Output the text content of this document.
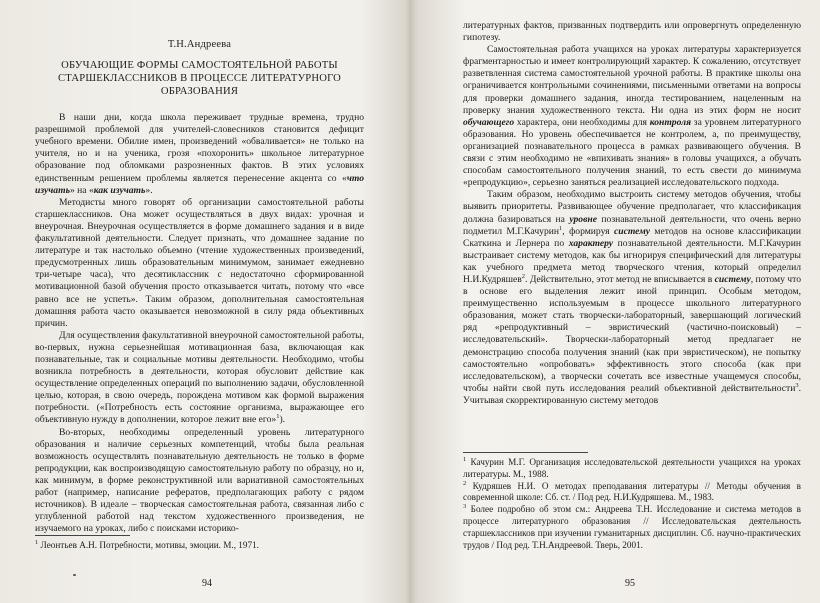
Т.Н.Андреева
ОБУЧАЮЩИЕ ФОРМЫ САМОСТОЯТЕЛЬНОЙ РАБОТЫ СТАРШЕКЛАССНИКОВ В ПРОЦЕССЕ ЛИТЕРАТУРНОГО ОБРАЗОВАНИЯ

В наши дни, когда школа переживает трудные времена, трудно разрешимой проблемой для учителей-словесников становится дефицит учебного времени. Обилие имен, произведений «обваливается» не только на учителя, но и на ученика, грозя «похоронить» школьное литературное образование под обломками разрозненных фактов. В этих условиях единственным решением проблемы является перенесение акцента со «что изучать» на «как изучать».

Методисты много говорят об организации самостоятельной работы старшеклассников. Она может осуществляться в двух видах: урочная и внеурочная. Внеурочная осуществляется в форме домашнего задания и в виде факультативной деятельности. Следует признать, что домашнее задание по литературе и так настолько объемно (чтение художественных произведений, предусмотренных лишь образовательным минимумом, занимает ежедневно три-четыре часа), что десятиклассник с недостаточно сформированной мотивационной базой обучения просто отказывается читать, потому что «все равно все не успеть». Таким образом, дополнительная самостоятельная домашняя работа часто оказывается невозможной в силу ряда объективных причин.

Для осуществления факультативной внеурочной самостоятельной работы, во-первых, нужна серьезнейшая мотивационная база, включающая как познавательные, так и социальные мотивы деятельности. Необходимо, чтобы возникла потребность в деятельности, которая обусловит действие как осуществление определенных операций по выполнению задачи, обусловленной целью, которая, в свою очередь, порождена мотивом как формой выражения потребности. («Потребность есть состояние организма, выражающее его объективную нужду в дополнении, которое лежит вне его»$^1$).

Во-вторых, необходимы определенный уровень литературного образования и наличие серьезных компетенций, чтобы была реальная возможность осуществлять познавательную деятельность не только в форме репродукции, как воспроизводящую самостоятельную работу по образцу, но и, как минимум, в форме реконструктивной или вариативной самостоятельных работ (например, написание рефератов, предполагающих работу с рядом источников). В идеале – творческая самостоятельная работа, связанная либо с углубленной работой над текстом художественного произведения, не изучаемого на уроках, либо с поисками историко-

$^1$ Леонтьев А.Н. Потребности, мотивы, эмоции. М., 1971.

94

литературных фактов, призванных подтвердить или опровергнуть определенную гипотезу.

Самостоятельная работа учащихся на уроках литературы характеризуется фрагментарностью и имеет контролирующий характер. К сожалению, отсутствует разветвленная система самостоятельной урочной работы. В практике школы она ограничивается контрольными сочинениями, письменными ответами на вопросы для проверки домашнего задания, иногда тестированием, нацеленным на проверку знания художественного текста. Ни одна из этих форм не носит обучающего характера, они необходимы для контроля за уровнем литературного образования. Но уровень обеспечивается не контролем, а, по преимуществу, организацией познавательного процесса в рамках развивающего обучения. В связи с этим необходимо не «впихивать знания» в головы учащихся, а обучать способам самостоятельного получения знаний, то есть свести до минимума «репродукцию», серьезно заняться реализацией исследовательского подхода.

Таким образом, необходимо выстроить систему методов обучения, чтобы выявить приоритеты. Развивающее обучение предполагает, что классификация должна базироваться на уровне познавательной деятельности, что очень верно подметил М.Г.Качурин$^1$, формируя систему методов на основе классификации Скаткина и Лернера по характеру познавательной деятельности. М.Г.Качурин выстраивает систему методов, как бы игнорируя специфический для литературы как учебного предмета метод творческого чтения, который определил Н.И.Кудряшев$^2$. Действительно, этот метод не вписывается в систему, потому что в основе его выделения лежит иной принцип. Особым методом, преимущественно используемым в процессе школьного литературного образования, может стать творчески-лабораторный, завершающий логический ряд «репродуктивный – эвристический (частично-поисковый) – исследовательский». Творчески-лабораторный метод предлагает не демонстрацию способа получения знаний (как при эвристическом), не попытку самостоятельно «опробовать» эффективность этого способа (как при исследовательском), а творчески сочетать все известные учащемуся способы, чтобы найти свой путь исследования реалий объективной действительности$^3$. Учитывая скорректированную систему методов

$^1$ Качурин М.Г. Организация исследовательской деятельности учащихся на уроках литературы. М., 1988.

$^2$ Кудряшев Н.И. О методах преподавания литературы // Методы обучения в современной школе: Сб. ст. / Под ред. Н.И.Кудряшева. М., 1983.

$^3$ Более подробно об этом см.: Андреева Т.Н. Исследование и система методов в процессе литературного образования // Исследовательская деятельность старшеклассников при изучении гуманитарных дисциплин. Сб. научно-практических трудов / Под ред. Т.Н.Андреевой. Тверь, 2001.

95
